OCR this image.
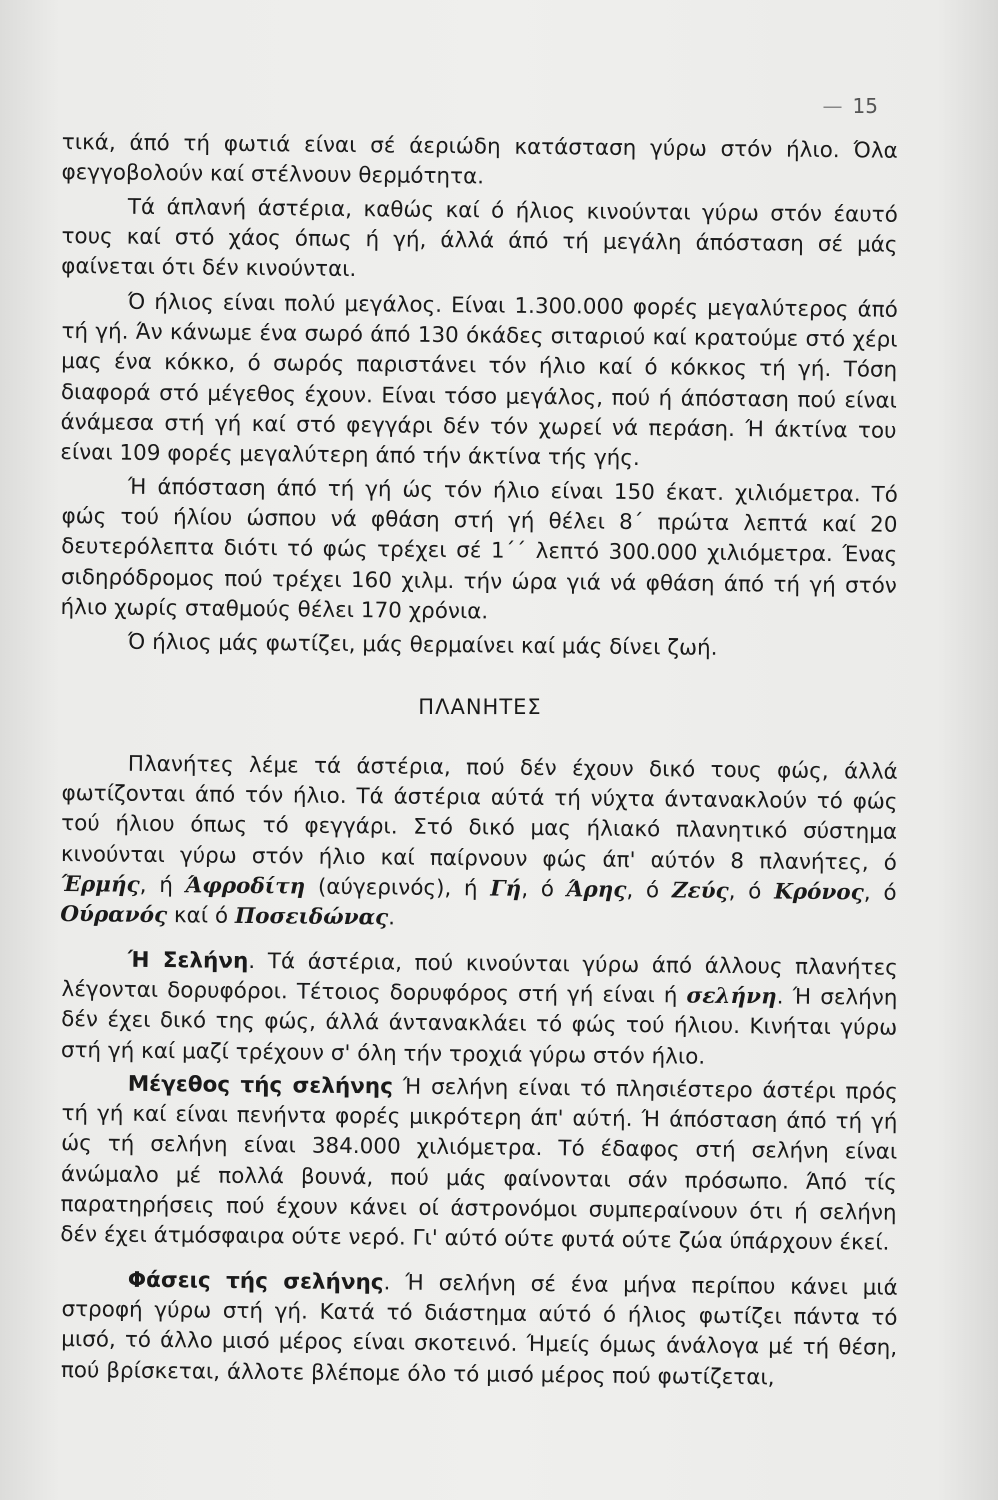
— 15

τικά, άπό τή φωτιά είναι σέ άεριώδη κατάσταση γύρω στόν ήλιο. Όλα φεγγοβολούν καί στέλνουν θερμότητα.

Τά άπλανή άστέρια, καθώς καί ό ήλιος κινούνται γύρω στόν έαυτό τους καί στό χάος όπως ή γή, άλλά άπό τή μεγάλη άπόσταση σέ μάς φαίνεται ότι δέν κινούνται.

Ό ήλιος είναι πολύ μεγάλος. Είναι 1.300.000 φορές μεγαλύτερος άπό τή γή. Άν κάνωμε ένα σωρό άπό 130 όκάδες σιταριού καί κρατούμε στό χέρι μας ένα κόκκο, ό σωρός παριστάνει τόν ήλιο καί ό κόκκος τή γή. Τόση διαφορά στό μέγεθος έχουν. Είναι τόσο μεγάλος, πού ή άπόσταση πού είναι άνάμεσα στή γή καί στό φεγγάρι δέν τόν χωρεί νά περάση. Ή άκτίνα του είναι 109 φορές μεγαλύτερη άπό τήν άκτίνα τής γής.

Ή άπόσταση άπό τή γή ώς τόν ήλιο είναι 150 έκατ. χιλιόμετρα. Τό φώς τού ήλίου ώσπου νά φθάση στή γή θέλει 8΄ πρώτα λεπτά καί 20 δευτερόλεπτα διότι τό φώς τρέχει σέ 1΄΄ λεπτό 300.000 χιλιόμετρα. Ένας σιδηρόδρομος πού τρέχει 160 χιλμ. τήν ώρα γιά νά φθάση άπό τή γή στόν ήλιο χωρίς σταθμούς θέλει 170 χρόνια.

Ό ήλιος μάς φωτίζει, μάς θερμαίνει καί μάς δίνει ζωή.

ΠΛΑΝΗΤΕΣ

Πλανήτες λέμε τά άστέρια, πού δέν έχουν δικό τους φώς, άλλά φωτίζονται άπό τόν ήλιο. Τά άστέρια αύτά τή νύχτα άντανακλούν τό φώς τού ήλιου όπως τό φεγγάρι. Στό δικό μας ήλιακό πλανητικό σύστημα κινούνται γύρω στόν ήλιο καί παίρνουν φώς άπ' αύτόν 8 πλανήτες, ό Έρμής, ή Άφροδίτη (αύγερινός), ή Γή, ό Άρης, ό Ζεύς, ό Κρόνος, ό Ούρανός καί ό Ποσειδώνας.

Ή Σελήνη. Τά άστέρια, πού κινούνται γύρω άπό άλλους πλανήτες λέγονται δορυφόροι. Τέτοιος δορυφόρος στή γή είναι ή σελήνη. Ή σελήνη δέν έχει δικό της φώς, άλλά άντανακλάει τό φώς τού ήλιου. Κινήται γύρω στή γή καί μαζί τρέχουν σ' όλη τήν τροχιά γύρω στόν ήλιο.

Μέγεθος τής σελήνης Ή σελήνη είναι τό πλησιέστερο άστέρι πρός τή γή καί είναι πενήντα φορές μικρότερη άπ' αύτή. Ή άπόσταση άπό τή γή ώς τή σελήνη είναι 384.000 χιλιόμετρα. Τό έδαφος στή σελήνη είναι άνώμαλο μέ πολλά βουνά, πού μάς φαίνονται σάν πρόσωπο. Άπό τίς παρατηρήσεις πού έχουν κάνει οί άστρονόμοι συμπεραίνουν ότι ή σελήνη δέν έχει άτμόσφαιρα ούτε νερό. Γι' αύτό ούτε φυτά ούτε ζώα ύπάρχουν έκεί.

Φάσεις τής σελήνης. Ή σελήνη σέ ένα μήνα περίπου κάνει μιά στροφή γύρω στή γή. Κατά τό διάστημα αύτό ό ήλιος φωτίζει πάντα τό μισό, τό άλλο μισό μέρος είναι σκοτεινό. Ήμείς όμως άνάλογα μέ τή θέση, πού βρίσκεται, άλλοτε βλέπομε όλο τό μισό μέρος πού φωτίζεται,
